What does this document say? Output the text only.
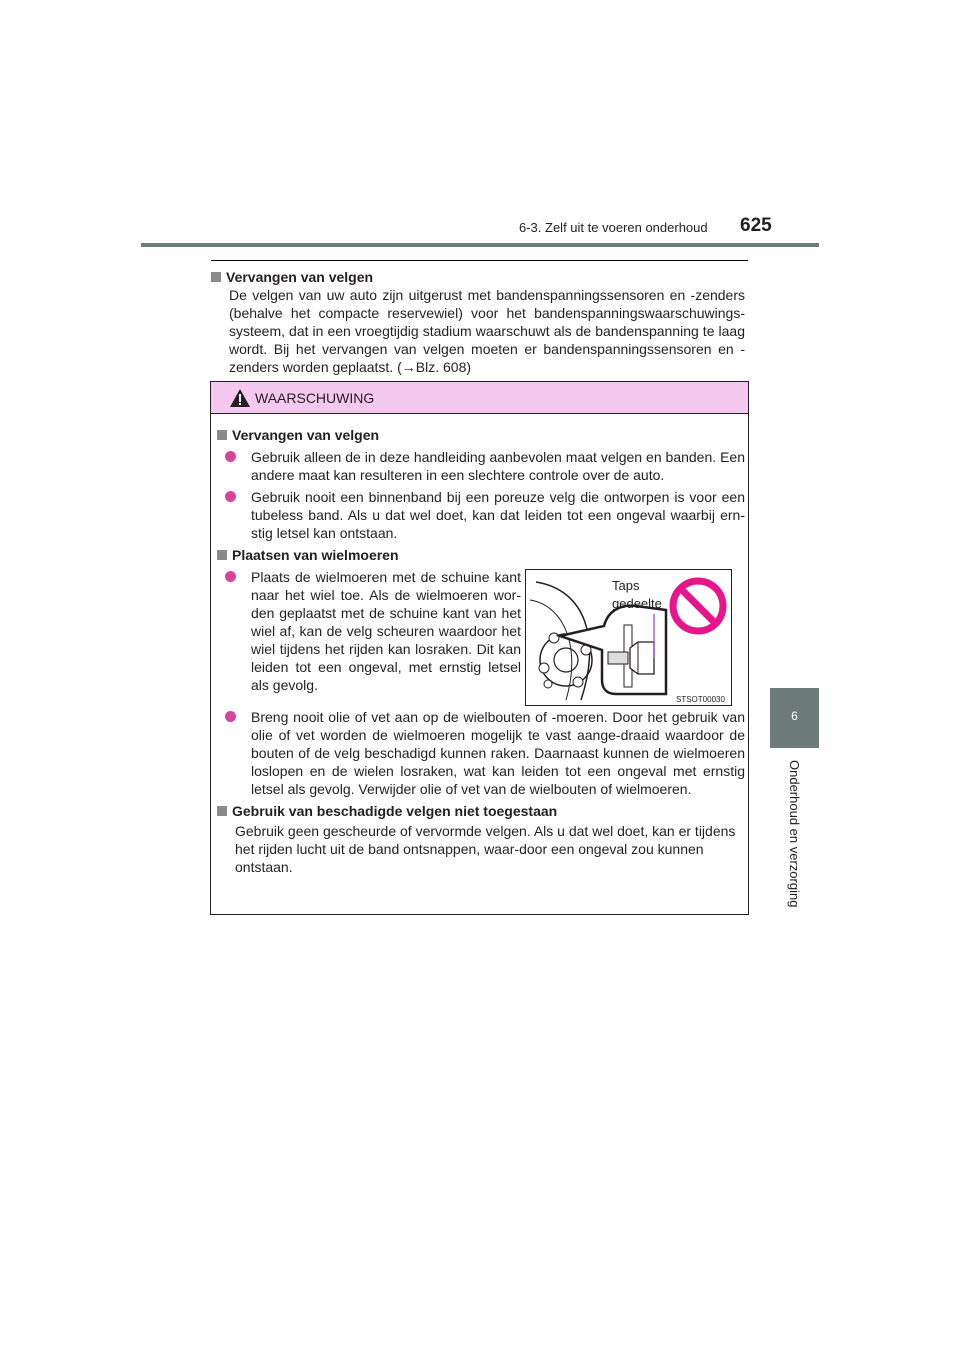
6-3. Zelf uit te voeren onderhoud 625
6
Onderhoud en verzorging
Vervangen van velgen
De velgen van uw auto zijn uitgerust met bandenspanningssensoren en -zenders (behalve het compacte reservewiel) voor het bandenspanningswaarschuwings-systeem, dat in een vroegtijdig stadium waarschuwt als de bandenspanning te laag wordt. Bij het vervangen van velgen moeten er bandenspanningssensoren en -zenders worden geplaatst. (→Blz. 608)
WAARSCHUWING
Vervangen van velgen
Gebruik alleen de in deze handleiding aanbevolen maat velgen en banden. Een andere maat kan resulteren in een slechtere controle over de auto.
Gebruik nooit een binnenband bij een poreuze velg die ontworpen is voor een tubeless band. Als u dat wel doet, kan dat leiden tot een ongeval waarbij ern-stig letsel kan ontstaan.
Plaatsen van wielmoeren
Plaats de wielmoeren met de schuine kant naar het wiel toe. Als de wielmoeren wor-den geplaatst met de schuine kant van het wiel af, kan de velg scheuren waardoor het wiel tijdens het rijden kan losraken. Dit kan leiden tot een ongeval, met ernstig letsel als gevolg.
Breng nooit olie of vet aan op de wielbouten of -moeren. Door het gebruik van olie of vet worden de wielmoeren mogelijk te vast aange-draaid waardoor de bouten of de velg beschadigd kunnen raken. Daarnaast kunnen de wielmoeren loslopen en de wielen losraken, wat kan leiden tot een ongeval met ernstig letsel als gevolg. Verwijder olie of vet van de wielbouten of wielmoeren.
Gebruik van beschadigde velgen niet toegestaan
Gebruik geen gescheurde of vervormde velgen. Als u dat wel doet, kan er tijdens het rijden lucht uit de band ontsnappen, waar-door een ongeval zou kunnen ontstaan.
Taps
gedeelte
STSOT00030
